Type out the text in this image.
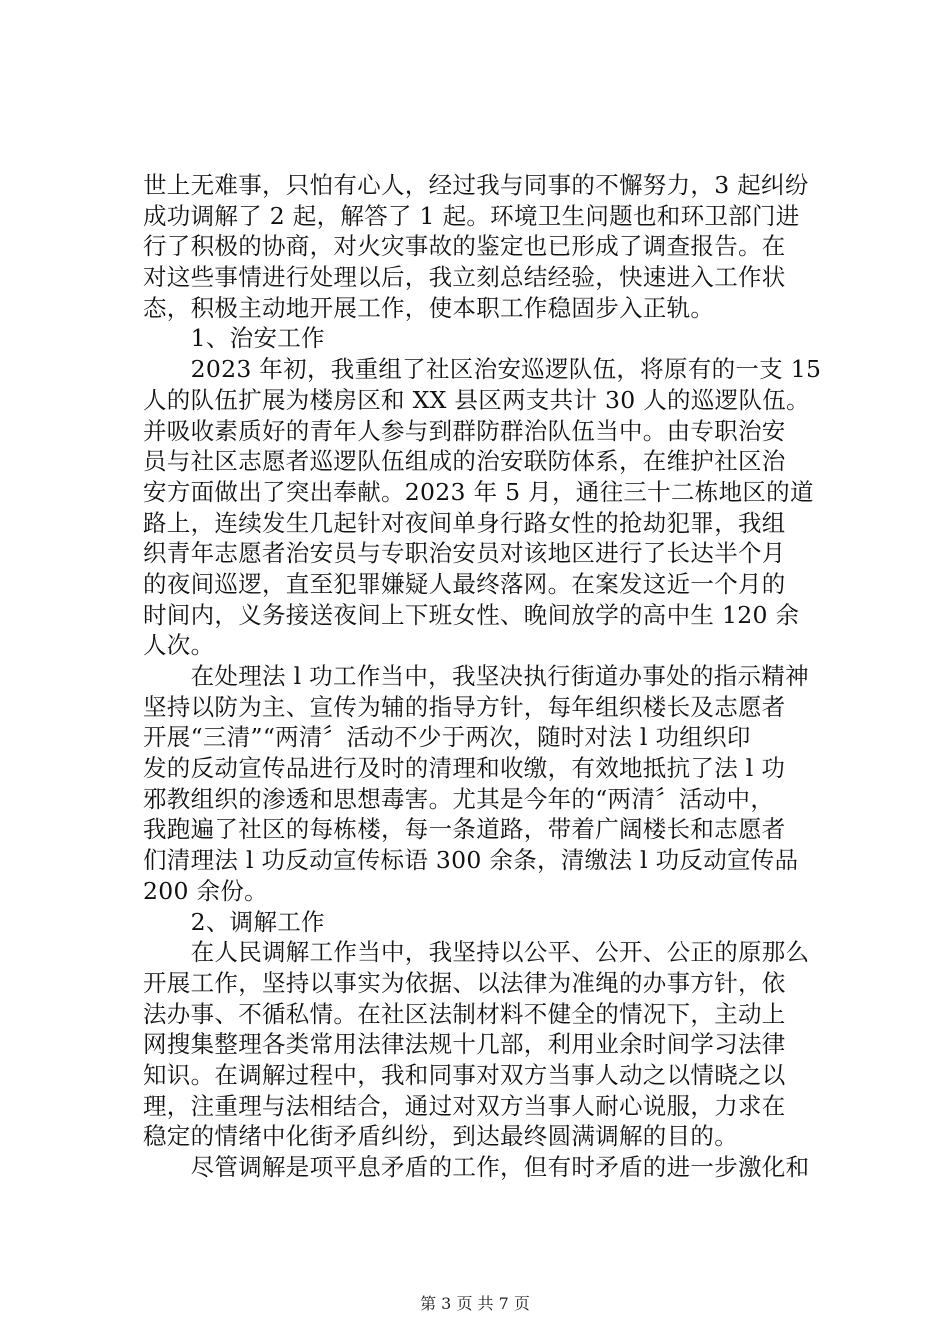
世上无难事，只怕有心人，经过我与同事的不懈努力，3 起纠纷
成功调解了 2 起，解答了 1 起。环境卫生问题也和环卫部门进
行了积极的协商，对火灾事故的鉴定也已形成了调查报告。在
对这些事情进行处理以后，我立刻总结经验，快速进入工作状
态，积极主动地开展工作，使本职工作稳固步入正轨。
　　1、治安工作
　　2023 年初，我重组了社区治安巡逻队伍，将原有的一支 15
人的队伍扩展为楼房区和 XX 县区两支共计 30 人的巡逻队伍。
并吸收素质好的青年人参与到群防群治队伍当中。由专职治安
员与社区志愿者巡逻队伍组成的治安联防体系，在维护社区治
安方面做出了突出奉献。2023 年 5 月，通往三十二栋地区的道
路上，连续发生几起针对夜间单身行路女性的抢劫犯罪，我组
织青年志愿者治安员与专职治安员对该地区进行了长达半个月
的夜间巡逻，直至犯罪嫌疑人最终落网。在案发这近一个月的
时间内，义务接送夜间上下班女性、晚间放学的高中生 120 余
人次。
　　在处理法 l 功工作当中，我坚决执行街道办事处的指示精神
坚持以防为主、宣传为辅的指导方针，每年组织楼长及志愿者
开展“三清”“两清〞活动不少于两次，随时对法 l 功组织印
发的反动宣传品进行及时的清理和收缴，有效地抵抗了法 l 功
邪教组织的渗透和思想毒害。尤其是今年的“两清〞活动中，
我跑遍了社区的每栋楼，每一条道路，带着广阔楼长和志愿者
们清理法 l 功反动宣传标语 300 余条，清缴法 l 功反动宣传品
200 余份。
　　2、调解工作
　　在人民调解工作当中，我坚持以公平、公开、公正的原那么
开展工作，坚持以事实为依据、以法律为准绳的办事方针，依
法办事、不循私情。在社区法制材料不健全的情况下，主动上
网搜集整理各类常用法律法规十几部，利用业余时间学习法律
知识。在调解过程中，我和同事对双方当事人动之以情晓之以
理，注重理与法相结合，通过对双方当事人耐心说服，力求在
稳定的情绪中化街矛盾纠纷，到达最终圆满调解的目的。
　　尽管调解是项平息矛盾的工作，但有时矛盾的进一步激化和
第 3 页 共 7 页
